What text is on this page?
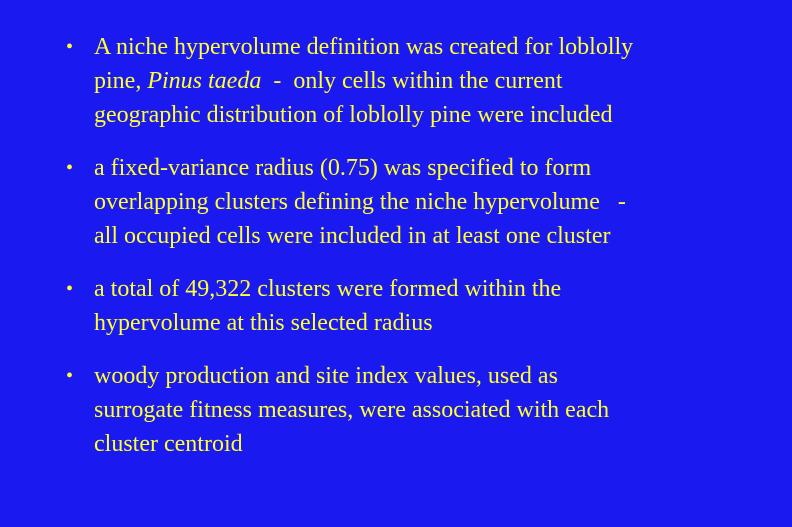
• A niche hypervolume definition was created for loblolly
pine, Pinus taeda  -  only cells within the current
geographic distribution of loblolly pine were included
• a fixed-variance radius (0.75) was specified to form
overlapping clusters defining the niche hypervolume   -
all occupied cells were included in at least one cluster
• a total of 49,322 clusters were formed within the
hypervolume at this selected radius
• woody production and site index values, used as
surrogate fitness measures, were associated with each
cluster centroid
